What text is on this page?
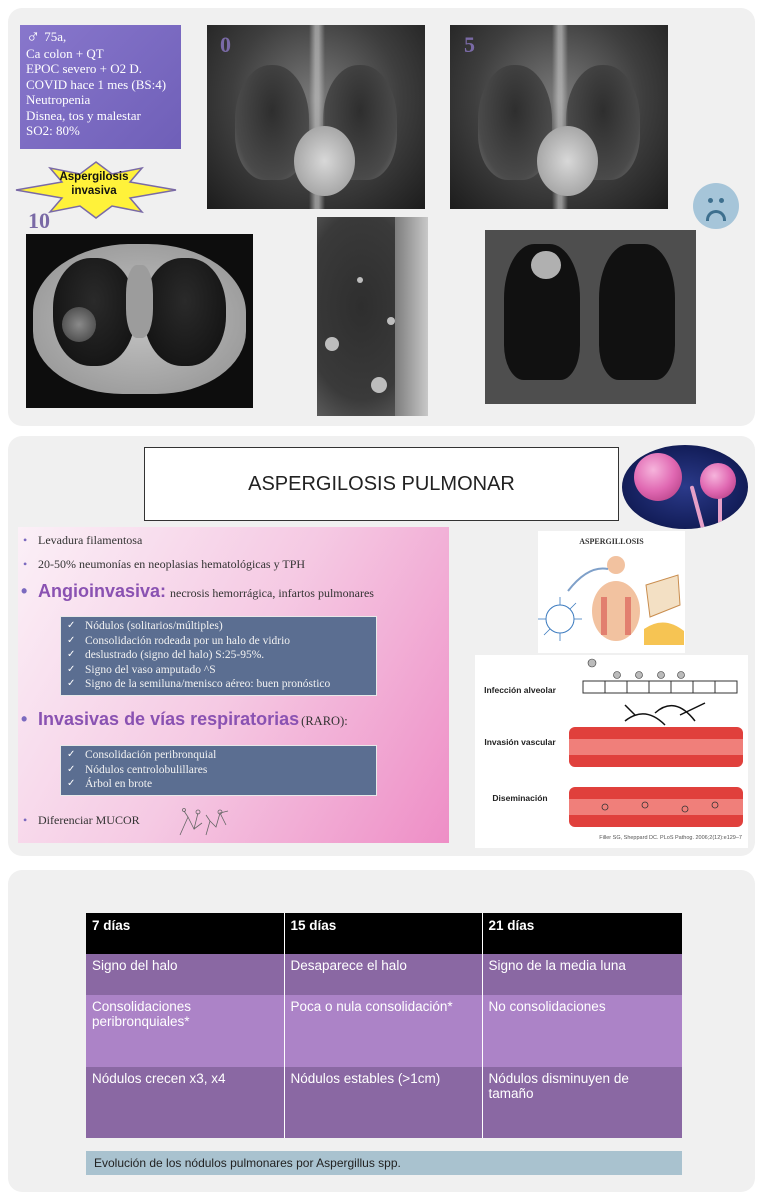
♂ 75a,
Ca colon + QT
EPOC severo + O2 D.
COVID hace 1 mes (BS:4)
Neutropenia
Disnea, tos y malestar
SO2: 80%
Aspergilosis
invasiva
0	5
10
ASPERGILOSIS PULMONAR
• Levadura filamentosa
• 20-50% neumonías en neoplasias hematológicas y TPH
• Angioinvasiva: necrosis hemorrágica, infartos pulmonares
• Invasivas de vías respiratorias (RARO):
• Diferenciar MUCOR
✓ Nódulos (solitarios/múltiples)
✓ Consolidación rodeada por un halo de vidrio
✓ deslustrado (signo del halo) S:25-95%.
✓ Signo del vaso amputado ^S
✓ Signo de la semiluna/menisco aéreo: buen pronóstico
✓ Consolidación peribronquial
✓ Nódulos centrolobulillares
✓ Árbol en brote
ASPERGILLOSIS
Infección alveolar
Invasión vascular
Diseminación
Filler SG, Sheppard DC. PLoS Pathog. 2006;2(12):e129–7
7 días	15 días	21 días
Signo del halo	Desaparece el halo	Signo de la media luna
Consolidaciones peribronquiales*	Poca o nula consolidación*	No consolidaciones
Nódulos crecen x3, x4	Nódulos estables (>1cm)	Nódulos disminuyen de tamaño
Evolución de los nódulos pulmonares por Aspergillus spp.
